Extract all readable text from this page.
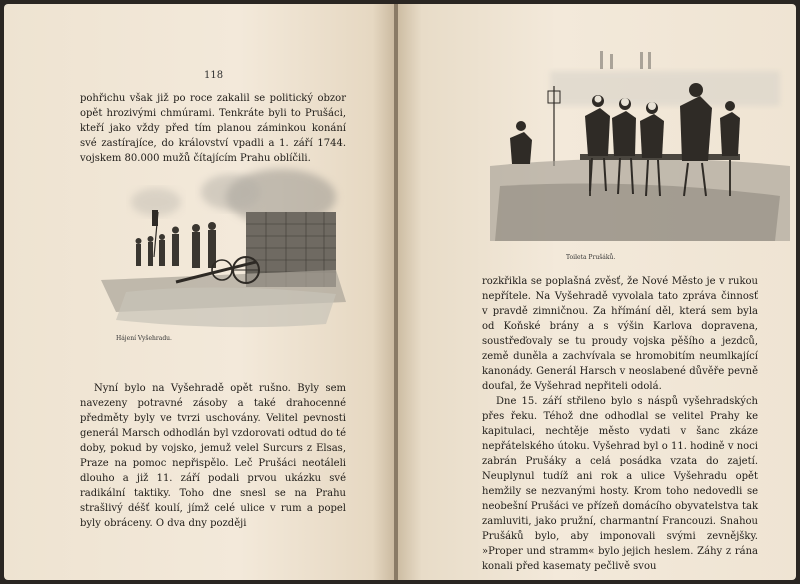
118

pohřichu však již po roce zakalil se politický obzor opět hrozivými chmúrami. Tenkráte byli to Prušáci, kteří jako vždy před tím planou záminkou konání své zastírajíce, do království vpadli a 1. září 1744. vojskem 80.000 mužů čítajícím Prahu oblíčili.

Hájení Vyšehradu.

Nyní bylo na Vyšehradě opět rušno. Byly sem navezeny potravné zásoby a také drahocenné předměty byly ve tvrzi uschovány. Velitel pevnosti generál Marsch odhodlán byl vzdorovati odtud do té doby, pokud by vojsko, jemuž velel Surcurs z Elsas, Praze na pomoc nepřispělo. Leč Prušáci neotáleli dlouho a již 11. září podali prvou ukázku své radikální taktiky. Toho dne snesl se na Prahu strašlivý déšť koulí, jímž celé ulice v rum a popel byly obráceny. O dva dny později

Toileta Prušáků.

rozkřikla se poplašná zvěsť, že Nové Město je v rukou nepřítele. Na Vyšehradě vyvolala tato zpráva činnosť v pravdě zimničnou. Za hřímání děl, která sem byla od Koňské brány a s výšin Karlova dopravena, soustřeďovaly se tu proudy vojska pěšího a jezdců, země duněla a zachvívala se hromobitím neumlkající kanonády. Generál Harsch v neoslabené důvěře pevně doufal, že Vyšehrad nepřiteli odolá.

Dne 15. září střileno bylo s náspů vyšehradských přes řeku. Téhož dne odhodlal se velitel Prahy ke kapitulaci, nechtěje město vydati v šanc zkáze nepřátelského útoku. Vyšehrad byl o 11. hodině v noci zabrán Prušáky a celá posádka vzata do zajetí. Neuplynul tudíž ani rok a ulice Vyšehradu opět hemžily se nezvanými hosty. Krom toho nedovedli se neobešní Prušáci ve přízeň domácího obyvatelstva tak zamluviti, jako pružní, charmantní Francouzi. Snahou Prušáků bylo, aby imponovali svými zevnějšky. »Proper und stramm« bylo jejich heslem. Záhy z rána konali před kasematy pečlivě svou
